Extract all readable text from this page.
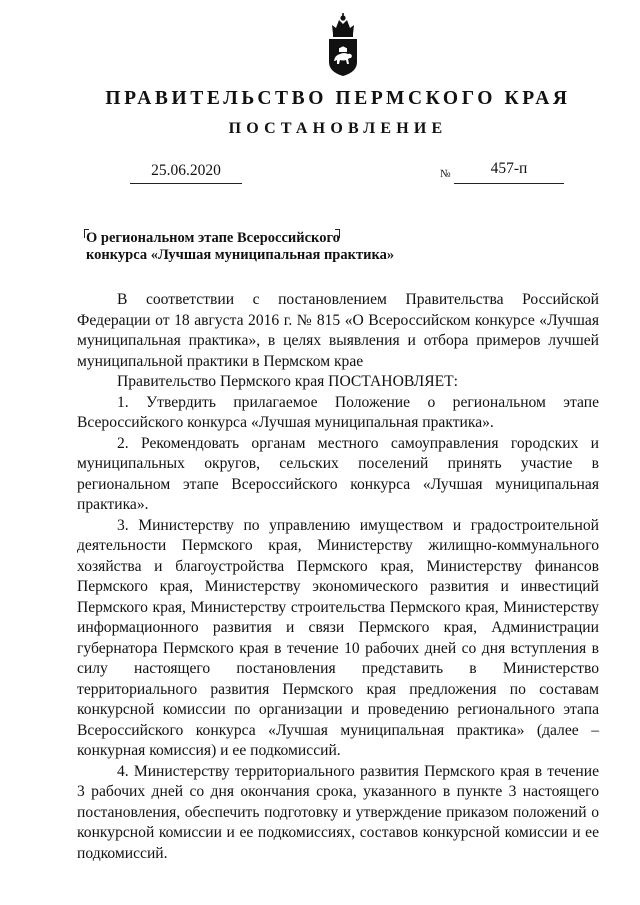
ПРАВИТЕЛЬСТВО ПЕРМСКОГО КРАЯ
ПОСТАНОВЛЕНИЕ
25.06.2020	№	457-п
О региональном этапе Всероссийского
конкурса «Лучшая муниципальная практика»

В соответствии с постановлением Правительства Российской Федерации от 18 августа 2016 г. № 815 «О Всероссийском конкурсе «Лучшая муниципальная практика», в целях выявления и отбора примеров лучшей муниципальной практики в Пермском крае

Правительство Пермского края ПОСТАНОВЛЯЕТ:

1. Утвердить прилагаемое Положение о региональном этапе Всероссийского конкурса «Лучшая муниципальная практика».

2. Рекомендовать органам местного самоуправления городских и муниципальных округов, сельских поселений принять участие в региональном этапе Всероссийского конкурса «Лучшая муниципальная практика».

3. Министерству по управлению имуществом и градостроительной деятельности Пермского края, Министерству жилищно-коммунального хозяйства и благоустройства Пермского края, Министерству финансов Пермского края, Министерству экономического развития и инвестиций Пермского края, Министерству строительства Пермского края, Министерству информационного развития и связи Пермского края, Администрации губернатора Пермского края в течение 10 рабочих дней со дня вступления в силу настоящего постановления представить в Министерство территориального развития Пермского края предложения по составам конкурсной комиссии по организации и проведению регионального этапа Всероссийского конкурса «Лучшая муниципальная практика» (далее – конкурная комиссия) и ее подкомиссий.

4. Министерству территориального развития Пермского края в течение 3 рабочих дней со дня окончания срока, указанного в пункте 3 настоящего постановления, обеспечить подготовку и утверждение приказом положений о конкурсной комиссии и ее подкомиссиях, составов конкурсной комиссии и ее подкомиссий.
